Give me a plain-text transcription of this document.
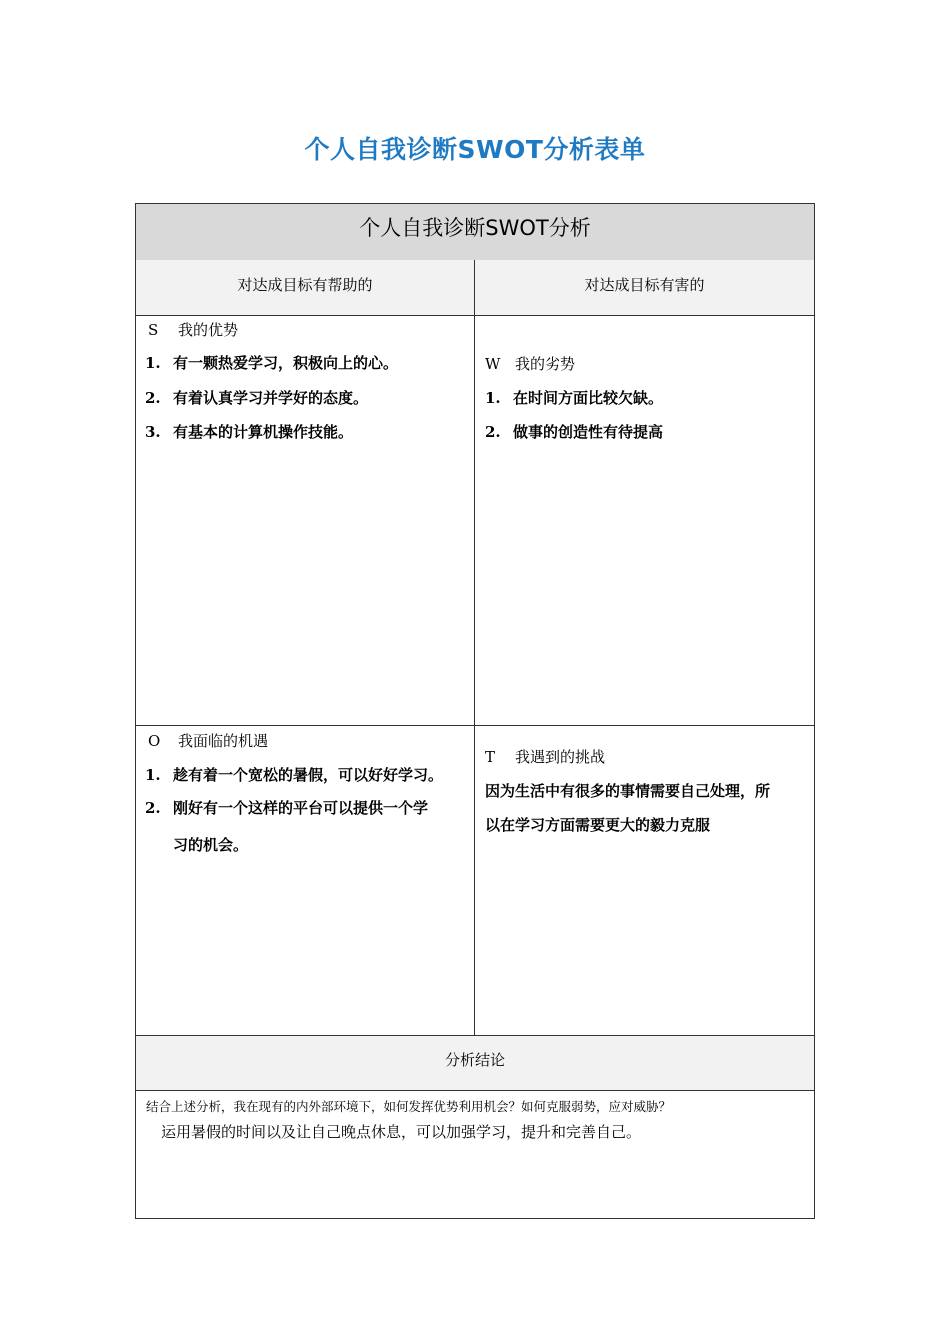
个人自我诊断SWOT分析表单
个人自我诊断SWOT分析
对达成目标有帮助的	对达成目标有害的
S 我的优势
1. 有一颗热爱学习，积极向上的心。
2. 有着认真学习并学好的态度。
3. 有基本的计算机操作技能。
W 我的劣势
1. 在时间方面比较欠缺。
2. 做事的创造性有待提高
O 我面临的机遇
1. 趁有着一个宽松的暑假，可以好好学习。
2. 刚好有一个这样的平台可以提供一个学
习的机会。
T 我遇到的挑战
因为生活中有很多的事情需要自己处理，所
以在学习方面需要更大的毅力克服
分析结论
结合上述分析，我在现有的内外部环境下，如何发挥优势利用机会？如何克服弱势，应对威胁？
运用暑假的时间以及让自己晚点休息，可以加强学习，提升和完善自己。
